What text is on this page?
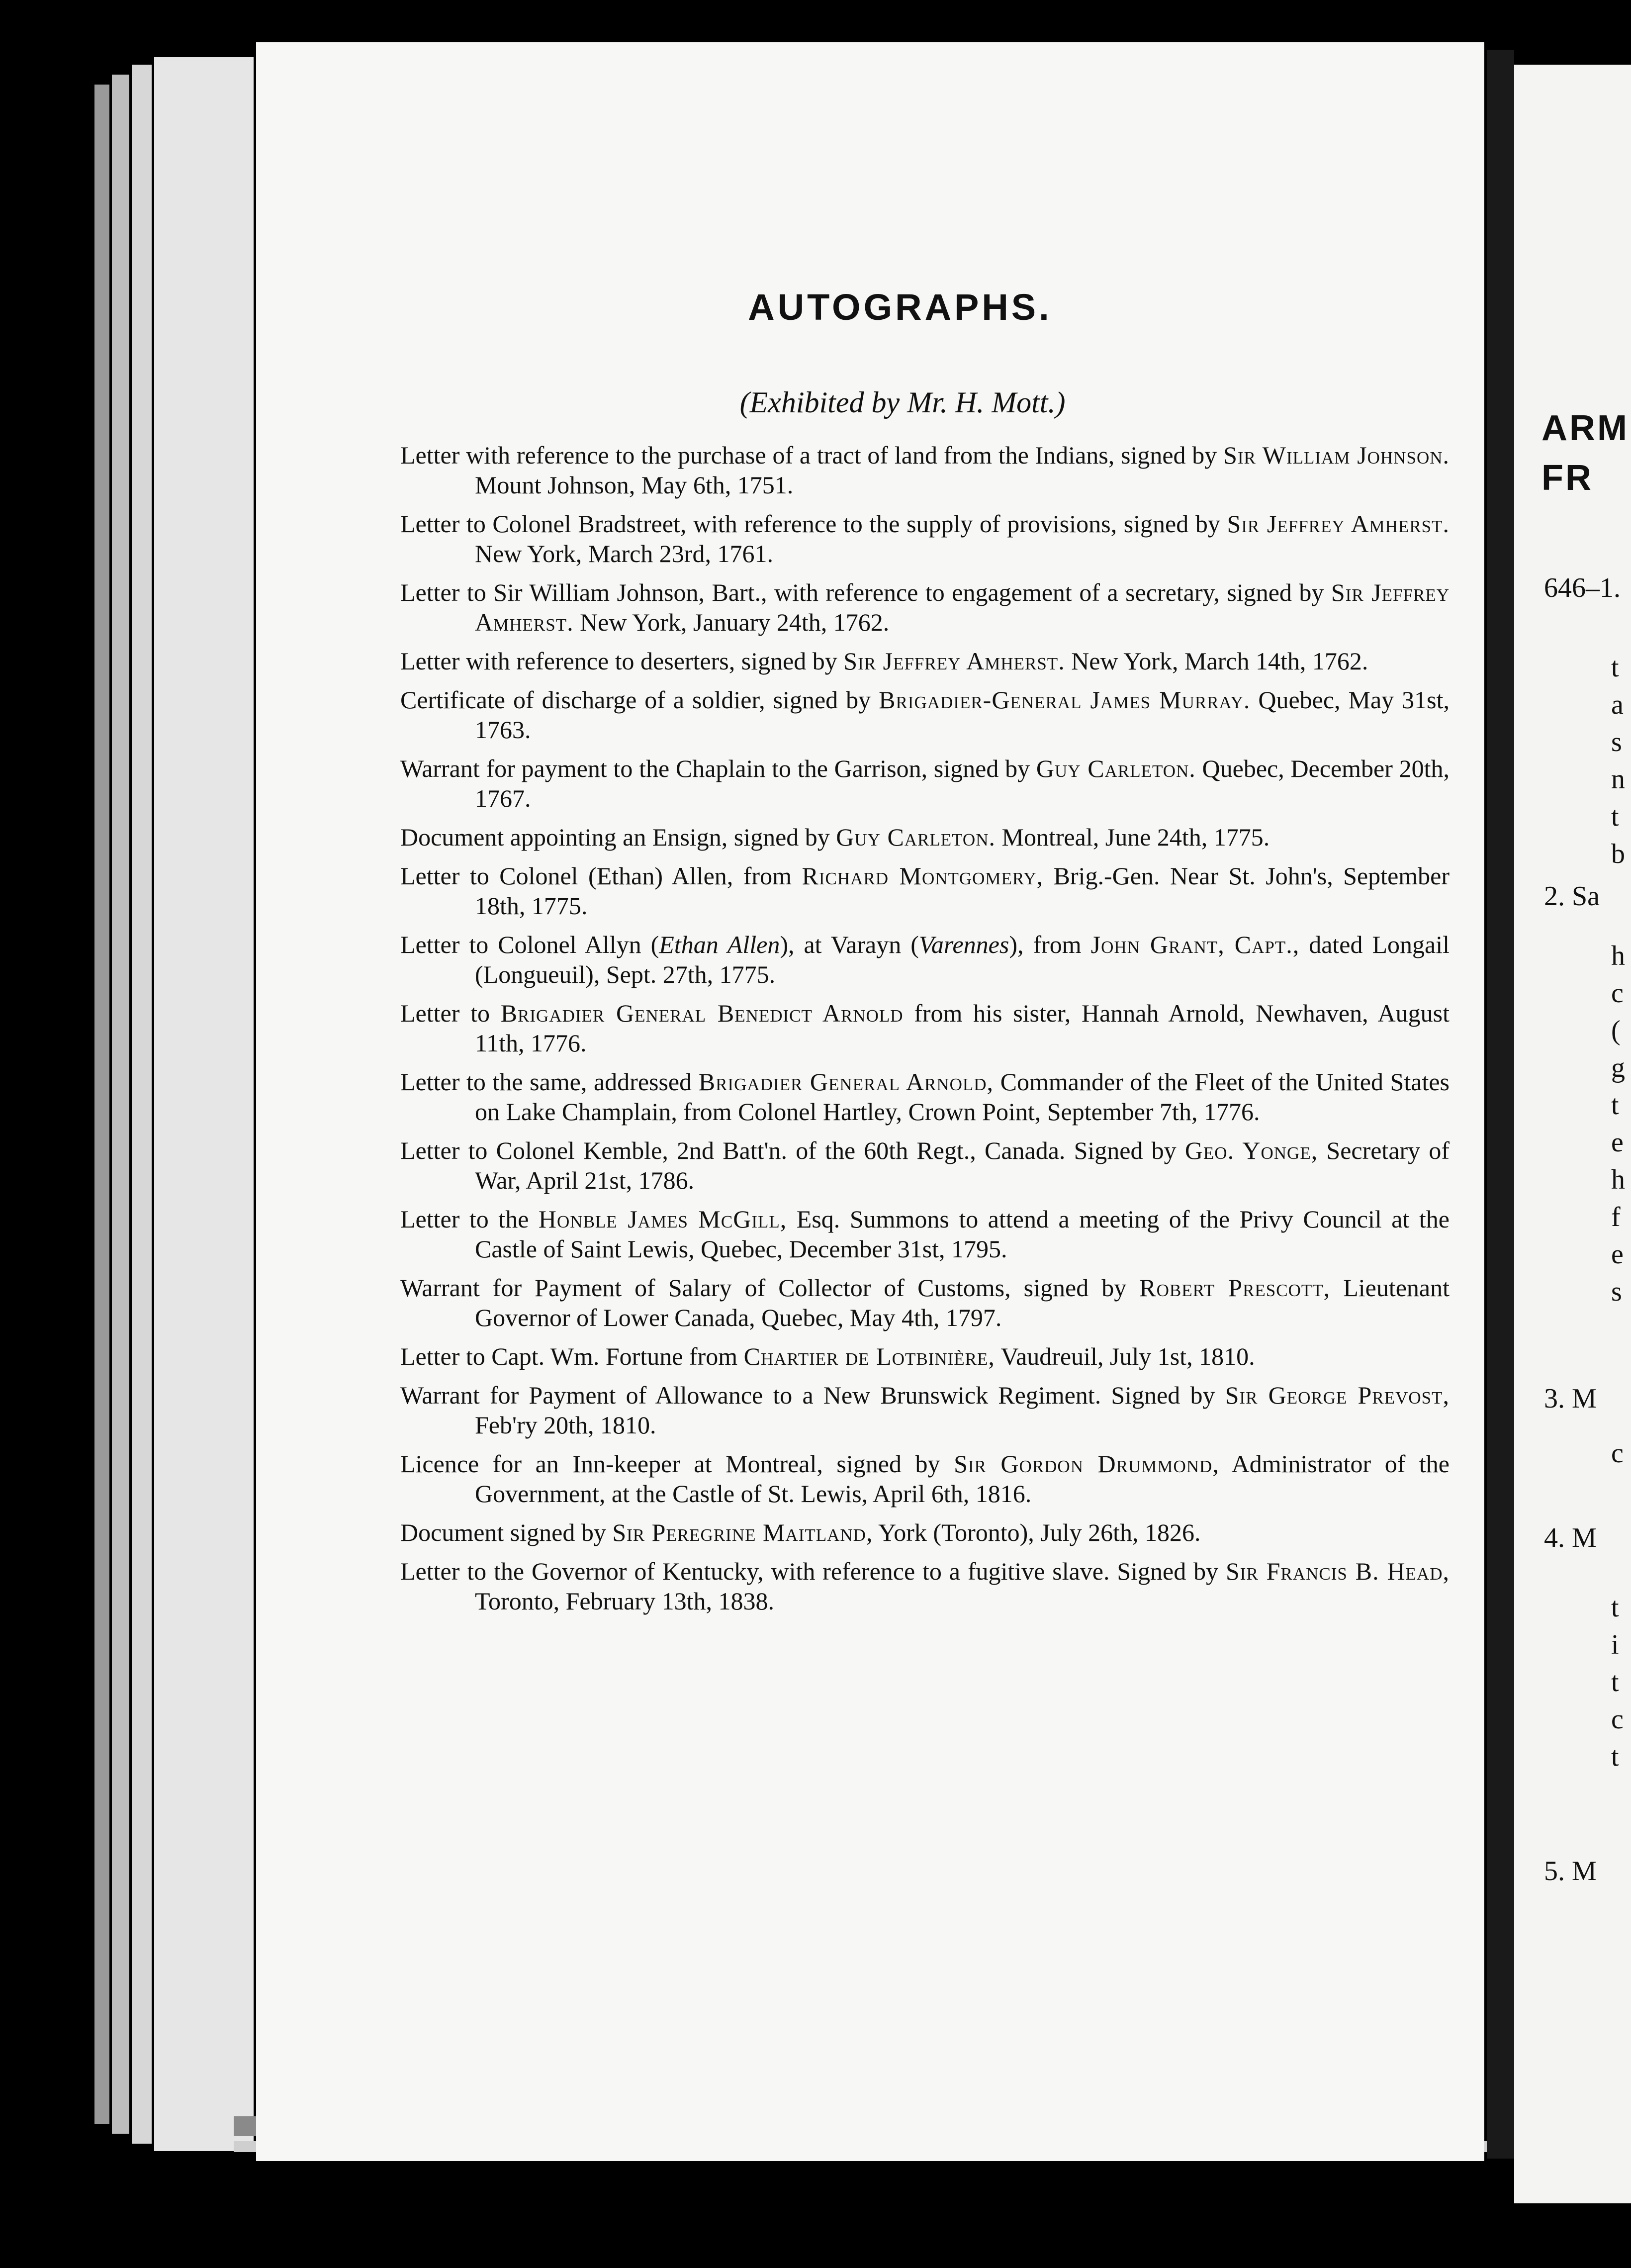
AUTOGRAPHS.
(Exhibited by Mr. H. Mott.)
Letter with reference to the purchase of a tract of land from the Indians, signed by Sir William Johnson. Mount Johnson, May 6th, 1751.
Letter to Colonel Bradstreet, with reference to the supply of provisions, signed by Sir Jeffrey Amherst. New York, March 23rd, 1761.
Letter to Sir William Johnson, Bart., with reference to engagement of a secretary, signed by Sir Jeffrey Amherst. New York, January 24th, 1762.
Letter with reference to deserters, signed by Sir Jeffrey Amherst. New York, March 14th, 1762.
Certificate of discharge of a soldier, signed by Brigadier-General James Murray. Quebec, May 31st, 1763.
Warrant for payment to the Chaplain to the Garrison, signed by Guy Carleton. Quebec, December 20th, 1767.
Document appointing an Ensign, signed by Guy Carleton. Montreal, June 24th, 1775.
Letter to Colonel (Ethan) Allen, from Richard Montgomery, Brig.-Gen. Near St. John's, September 18th, 1775.
Letter to Colonel Allyn (Ethan Allen), at Varayn (Varennes), from John Grant, Capt., dated Longail (Longueuil), Sept. 27th, 1775.
Letter to Brigadier General Benedict Arnold from his sister, Hannah Arnold, Newhaven, August 11th, 1776.
Letter to the same, addressed Brigadier General Arnold, Commander of the Fleet of the United States on Lake Champlain, from Colonel Hartley, Crown Point, September 7th, 1776.
Letter to Colonel Kemble, 2nd Batt'n. of the 60th Regt., Canada. Signed by Geo. Yonge, Secretary of War, April 21st, 1786.
Letter to the Honble James McGill, Esq. Summons to attend a meeting of the Privy Council at the Castle of Saint Lewis, Quebec, December 31st, 1795.
Warrant for Payment of Salary of Collector of Customs, signed by Robert Prescott, Lieutenant Governor of Lower Canada, Quebec, May 4th, 1797.
Letter to Capt. Wm. Fortune from Chartier de Lotbinière, Vaudreuil, July 1st, 1810.
Warrant for Payment of Allowance to a New Brunswick Regiment. Signed by Sir George Prevost, Feb'ry 20th, 1810.
Licence for an Inn-keeper at Montreal, signed by Sir Gordon Drummond, Administrator of the Government, at the Castle of St. Lewis, April 6th, 1816.
Document signed by Sir Peregrine Maitland, York (Toronto), July 26th, 1826.
Letter to the Governor of Kentucky, with reference to a fugitive slave. Signed by Sir Francis B. Head, Toronto, February 13th, 1838.
ARM
FR
646–1.
2. Sa
3. M
4. M
5. M
t
a
s
n
t
b
h
c
(
g
t
e
h
f
e
s
c
t
i
t
c
t
